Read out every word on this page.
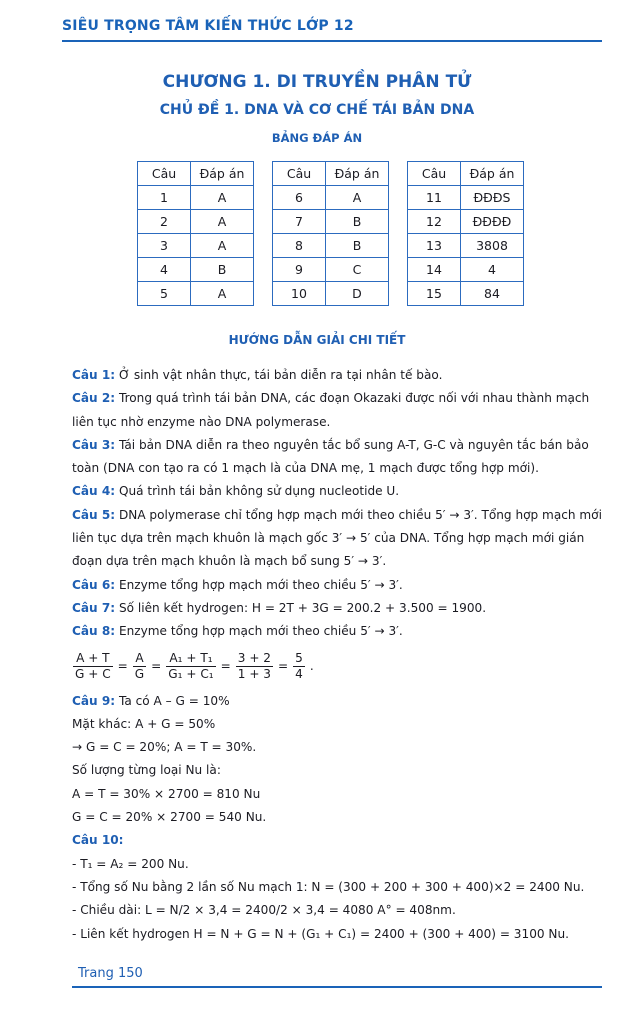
SIÊU TRỌNG TÂM KIẾN THỨC LỚP 12
CHƯƠNG 1. DI TRUYỀN PHÂN TỬ
CHỦ ĐỀ 1. DNA VÀ CƠ CHẾ TÁI BẢN DNA
BẢNG ĐÁP ÁN
Câu	Đáp án
1	A
2	A
3	A
4	B
5	A
Câu	Đáp án
6	A
7	B
8	B
9	C
10	D
Câu	Đáp án
11	ĐĐĐS
12	ĐĐĐĐ
13	3808
14	4
15	84
HƯỚNG DẪN GIẢI CHI TIẾT

Câu 1: Ở sinh vật nhân thực, tái bản diễn ra tại nhân tế bào.

Câu 2: Trong quá trình tái bản DNA, các đoạn Okazaki được nối với nhau thành mạch liên tục nhờ enzyme nào DNA polymerase.

Câu 3: Tái bản DNA diễn ra theo nguyên tắc bổ sung A-T, G-C và nguyên tắc bán bảo toàn (DNA con tạo ra có 1 mạch là của DNA mẹ, 1 mạch được tổng hợp mới).

Câu 4: Quá trình tái bản không sử dụng nucleotide U.

Câu 5: DNA polymerase chỉ tổng hợp mạch mới theo chiều 5′ → 3′. Tổng hợp mạch mới liên tục dựa trên mạch khuôn là mạch gốc 3′ → 5′ của DNA. Tổng hợp mạch mới gián đoạn dựa trên mạch khuôn là mạch bổ sung 5′ → 3′.

Câu 6: Enzyme tổng hợp mạch mới theo chiều 5′ → 3′.

Câu 7: Số liên kết hydrogen: H = 2T + 3G = 200.2 + 3.500 = 1900.

Câu 8: Enzyme tổng hợp mạch mới theo chiều 5′ → 3′.

$\frac{A + T}{G + C} = \frac{A}{G} = \frac{\text{A₁ + T₁}}{\text{G₁ + C₁}} = \frac{3 + 2}{1 + 3} = \frac{5}{4}$ .

Câu 9: Ta có A – G = 10%

Mặt khác: A + G = 50%

→ G = C = 20%; A = T = 30%.

Số lượng từng loại Nu là:

A = T = 30% × 2700 = 810 Nu

G = C = 20% × 2700 = 540 Nu.

Câu 10:

- T₁ = A₂ = 200 Nu.

- Tổng số Nu bằng 2 lần số Nu mạch 1: N = (300 + 200 + 300 + 400)×2 = 2400 Nu.

- Chiều dài: L = N/2 × 3,4 = 2400/2 × 3,4 = 4080 A° = 408nm.

- Liên kết hydrogen H = N + G = N + (G₁ + C₁) = 2400 + (300 + 400) = 3100 Nu.

Trang 150
